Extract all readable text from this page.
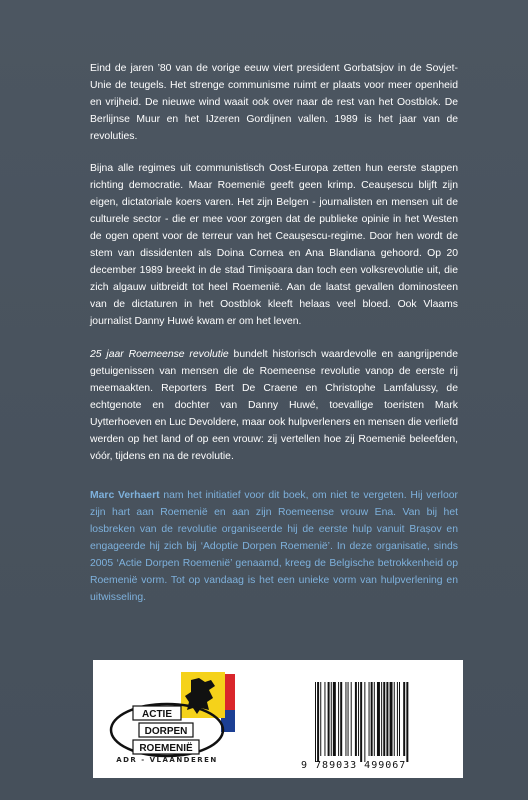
Eind de jaren ’80 van de vorige eeuw viert president Gorbatsjov in de Sovjet-Unie de teugels. Het strenge communisme ruimt er plaats voor meer openheid en vrijheid. De nieuwe wind waait ook over naar de rest van het Oostblok. De Berlijnse Muur en het IJzeren Gordijnen vallen. 1989 is het jaar van de revoluties.

Bijna alle regimes uit communistisch Oost-Europa zetten hun eerste stappen richting democratie. Maar Roemenië geeft geen krimp. Ceaușescu blijft zijn eigen, dictatoriale koers varen. Het zijn Belgen - journalisten en mensen uit de culturele sector - die er mee voor zorgen dat de publieke opinie in het Westen de ogen opent voor de terreur van het Ceaușescu-regime. Door hen wordt de stem van dissidenten als Doina Cornea en Ana Blandiana gehoord. Op 20 december 1989 breekt in de stad Timișoara dan toch een volksrevolutie uit, die zich algauw uitbreidt tot heel Roemenië. Aan de laatst gevallen dominosteen van de dictaturen in het Oostblok kleeft helaas veel bloed. Ook Vlaams journalist Danny Huwé kwam er om het leven.

25 jaar Roemeense revolutie bundelt historisch waardevolle en aangrijpende getuigenissen van mensen die de Roemeense revolutie vanop de eerste rij meemaakten. Reporters Bert De Craene en Christophe Lamfalussy, de echtgenote en dochter van Danny Huwé, toevallige toeristen Mark Uytterhoeven en Luc Devoldere, maar ook hulpverleners en mensen die verliefd werden op het land of op een vrouw: zij vertellen hoe zij Roemenië beleefden, vóór, tijdens en na de revolutie.

Marc Verhaert nam het initiatief voor dit boek, om niet te vergeten. Hij verloor zijn hart aan Roemenië en aan zijn Roemeense vrouw Ena. Van bij het losbreken van de revolutie organiseerde hij de eerste hulp vanuit Brașov en engageerde hij zich bij ‘Adoptie Dorpen Roemenië’. In deze organisatie, sinds 2005 ‘Actie Dorpen Roemenië’ genaamd, kreeg de Belgische betrokkenheid op Roemenië vorm. Tot op vandaag is het een unieke vorm van hulpverlening en uitwisseling.

ACTIE
DORPEN
ROEMENIË
ADR - VLAANDEREN	9 789033 499067
